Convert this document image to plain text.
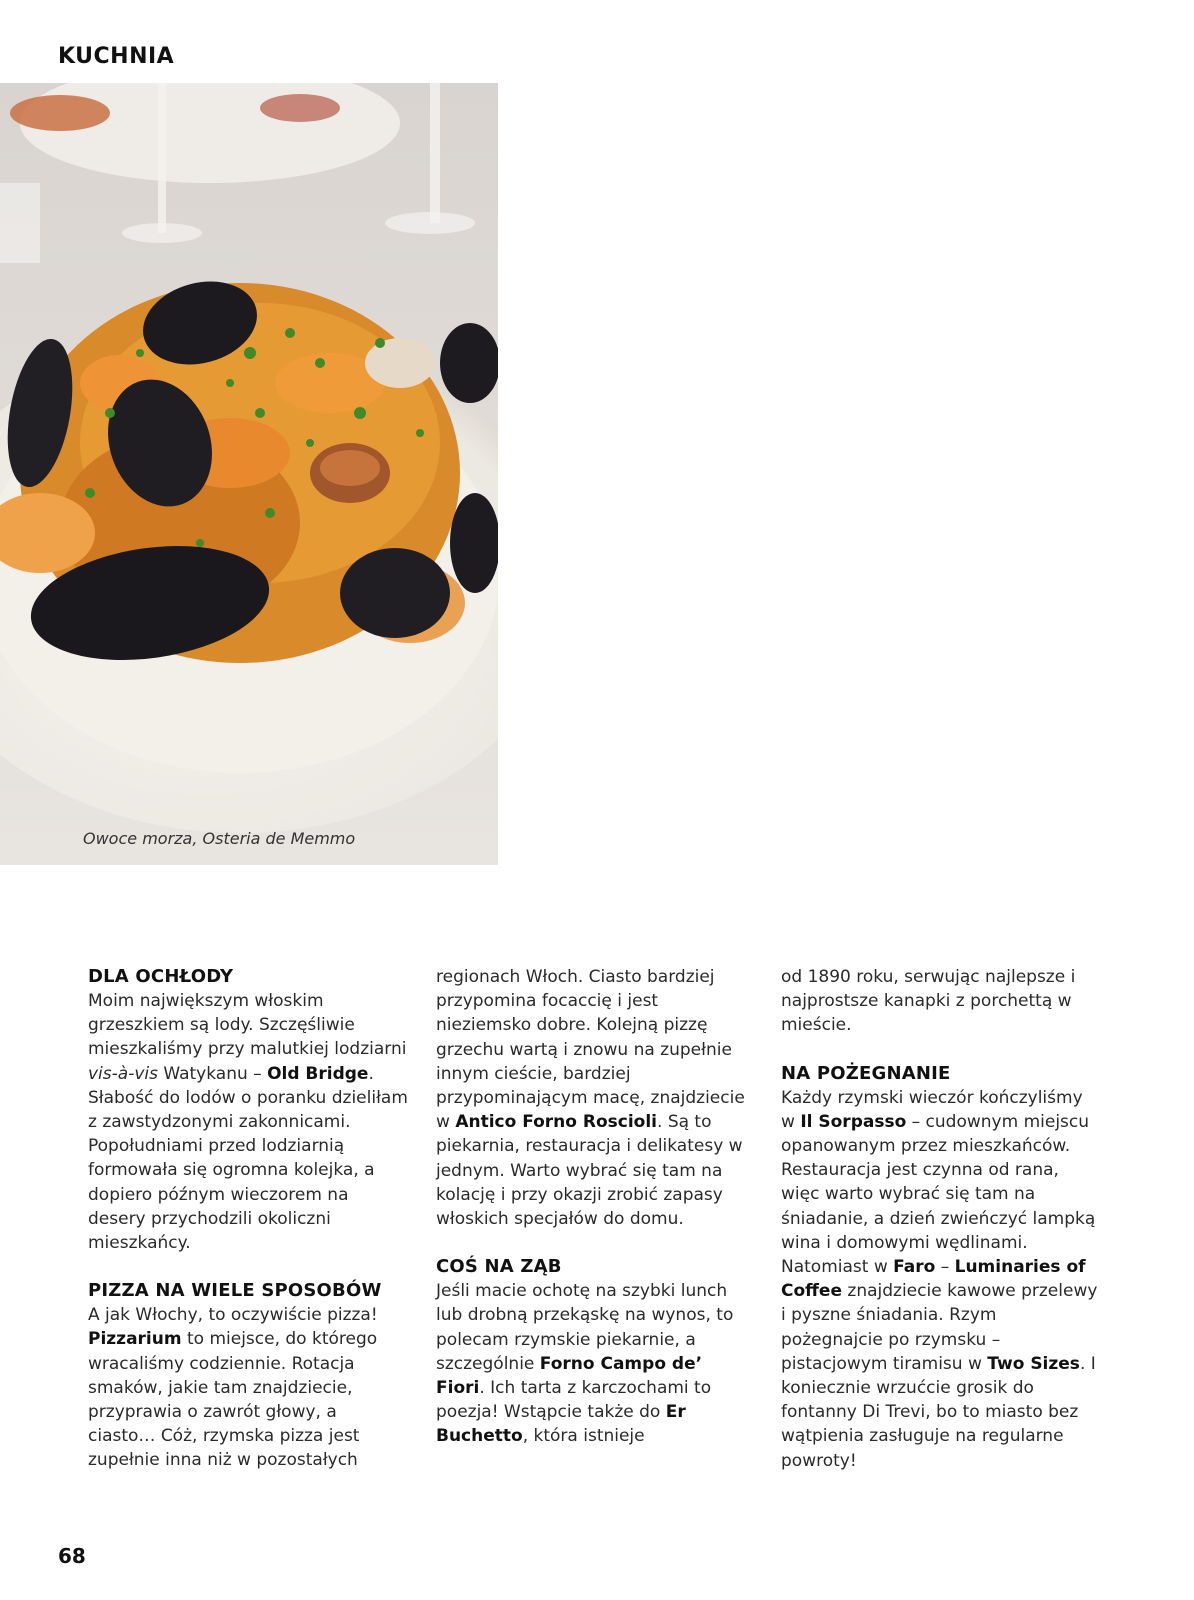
KUCHNIA
Owoce morza, Osteria de Memmo
DLA OCHŁODY

Moim największym włoskim grzeszkiem są lody. Szczęśliwie mieszkaliśmy przy malutkiej lodziarni vis-à-vis Watykanu – Old Bridge. Słabość do lodów o poranku dzieliłam z zawstydzonymi zakonnicami. Popołudniami przed lodziarnią formowała się ogromna kolejka, a dopiero późnym wieczorem na desery przychodzili okoliczni mieszkańcy.

PIZZA NA WIELE SPOSOBÓW

A jak Włochy, to oczywiście pizza! Pizzarium to miejsce, do którego wracaliśmy codziennie. Rotacja smaków, jakie tam znajdziecie, przyprawia o zawrót głowy, a ciasto… Cóż, rzymska pizza jest zupełnie inna niż w pozostałych

regionach Włoch. Ciasto bardziej przypomina focaccię i jest nieziemsko dobre. Kolejną pizzę grzechu wartą i znowu na zupełnie innym cieście, bardziej przypominającym macę, znajdziecie w Antico Forno Roscioli. Są to piekarnia, restauracja i delikatesy w jednym. Warto wybrać się tam na kolację i przy okazji zrobić zapasy włoskich specjałów do domu.

COŚ NA ZĄB

Jeśli macie ochotę na szybki lunch lub drobną przekąskę na wynos, to polecam rzymskie piekarnie, a szczególnie Forno Campo de’ Fiori. Ich tarta z karczochami to poezja! Wstąpcie także do Er Buchetto, która istnieje

od 1890 roku, serwując najlepsze i najprostsze kanapki z porchettą w mieście.

NA POŻEGNANIE

Każdy rzymski wieczór kończyliśmy w Il Sorpasso – cudownym miejscu opanowanym przez mieszkańców. Restauracja jest czynna od rana, więc warto wybrać się tam na śniadanie, a dzień zwieńczyć lampką wina i domowymi wędlinami. Natomiast w Faro – Luminaries of Coffee znajdziecie kawowe przelewy i pyszne śniadania. Rzym pożegnajcie po rzymsku – pistacjowym tiramisu w Two Sizes. I koniecznie wrzućcie grosik do fontanny Di Trevi, bo to miasto bez wątpienia zasługuje na regularne powroty!

68
